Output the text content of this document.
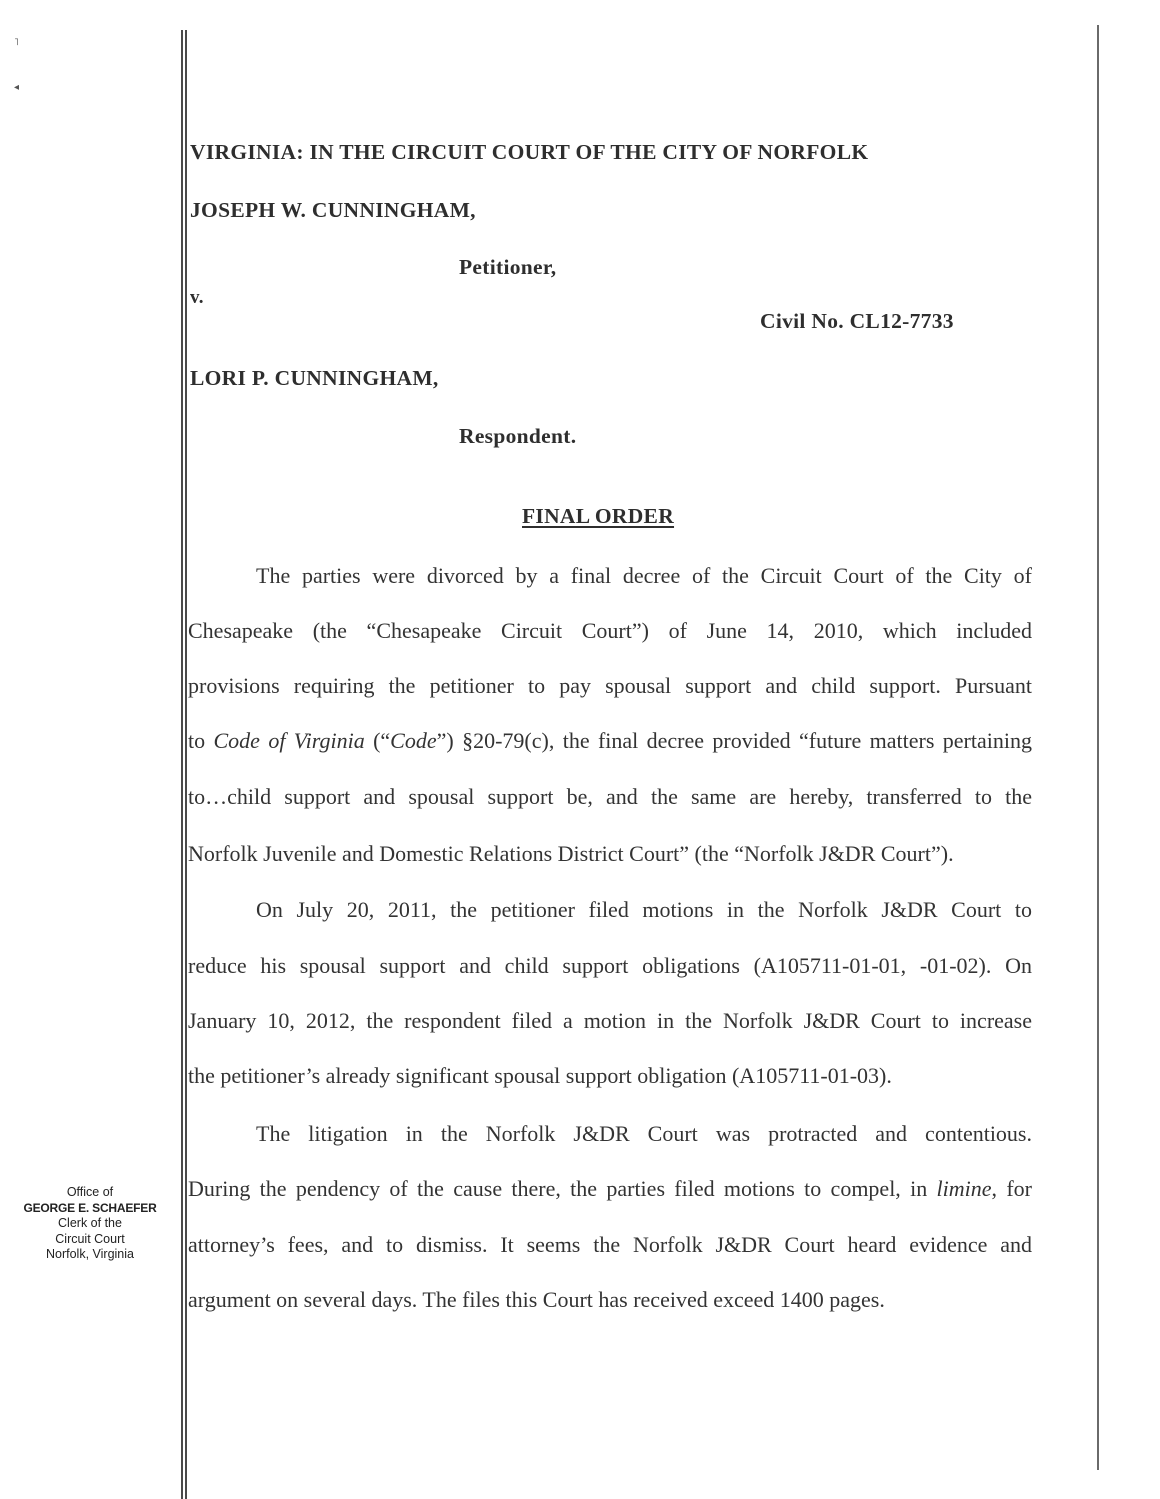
˥
◂
VIRGINIA: IN THE CIRCUIT COURT OF THE CITY OF NORFOLK
JOSEPH W. CUNNINGHAM,
Petitioner,
v.
Civil No. CL12-7733
LORI P. CUNNINGHAM,
Respondent.
FINAL ORDER
The parties were divorced by a final decree of the Circuit Court of the City of
Chesapeake (the “Chesapeake Circuit Court”) of June 14, 2010, which included
provisions requiring the petitioner to pay spousal support and child support. Pursuant
to Code of Virginia (“Code”) §20-79(c), the final decree provided “future matters pertaining
to…child support and spousal support be, and the same are hereby, transferred to the
Norfolk Juvenile and Domestic Relations District Court” (the “Norfolk J&DR Court”).
On July 20, 2011, the petitioner filed motions in the Norfolk J&DR Court to
reduce his spousal support and child support obligations (A105711-01-01, -01-02). On
January 10, 2012, the respondent filed a motion in the Norfolk J&DR Court to increase
the petitioner’s already significant spousal support obligation (A105711-01-03).
The litigation in the Norfolk J&DR Court was protracted and contentious.
During the pendency of the cause there, the parties filed motions to compel, in limine, for
attorney’s fees, and to dismiss. It seems the Norfolk J&DR Court heard evidence and
argument on several days. The files this Court has received exceed 1400 pages.
Office of
GEORGE E. SCHAEFER
Clerk of the
Circuit Court
Norfolk, Virginia
